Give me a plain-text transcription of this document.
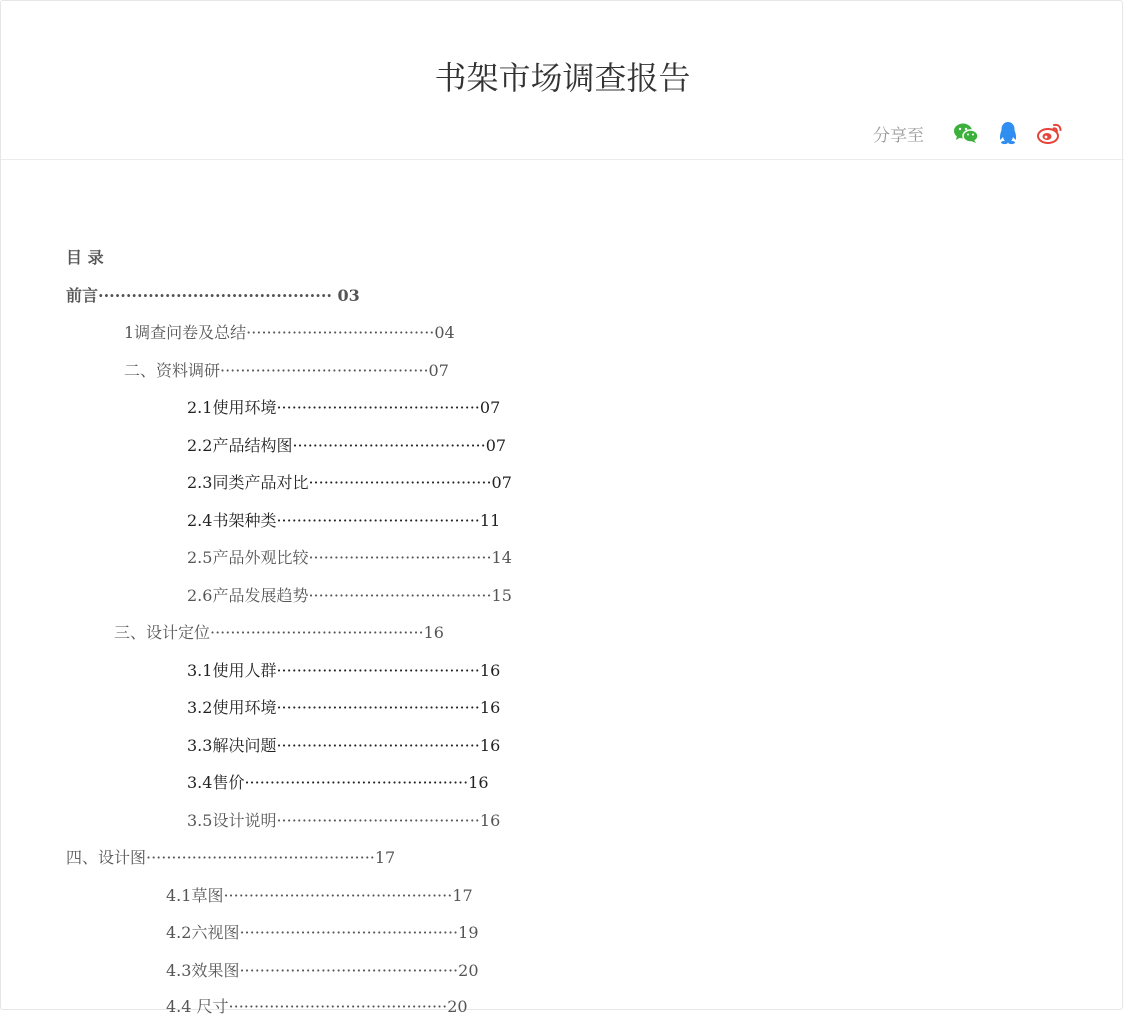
书架市场调查报告
分享至
目 录
前言·········································· 03
1调查问卷及总结·····································04
二、资料调研·········································07
2.1使用环境········································07
2.2产品结构图······································07
2.3同类产品对比····································07
2.4书架种类········································11
2.5产品外观比较····································14
2.6产品发展趋势····································15
三、设计定位··········································16
3.1使用人群········································16
3.2使用环境········································16
3.3解决问题········································16
3.4售价············································16
3.5设计说明········································16
四、设计图·············································17
4.1草图·············································17
4.2六视图···········································19
4.3效果图···········································20
4.4 尺寸···········································20
